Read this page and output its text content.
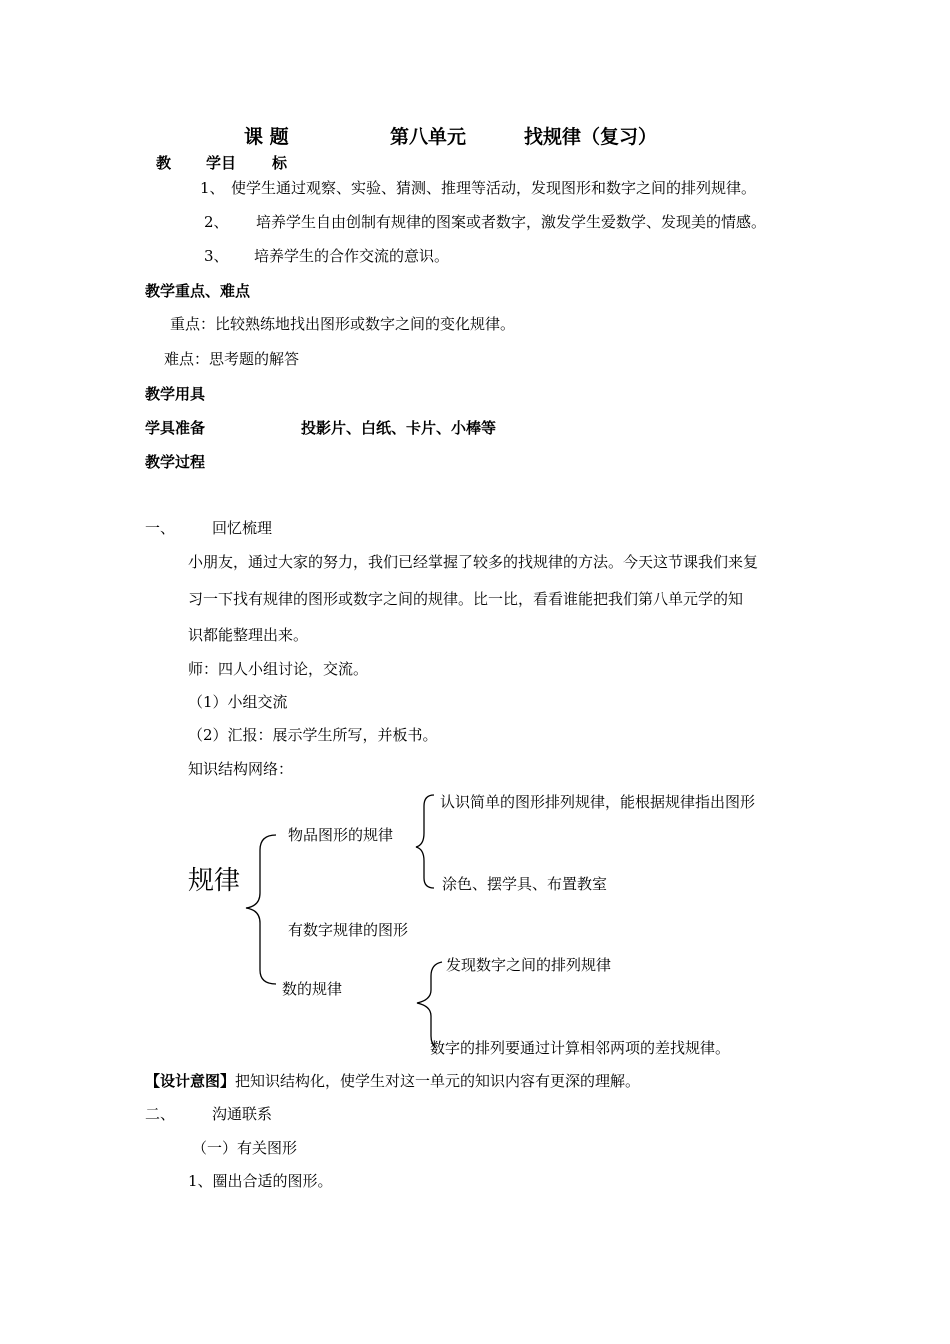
课 题	第八单元	找规律（复习）
教 学目 标
1、 使学生通过观察、实验、猜测、推理等活动，发现图形和数字之间的排列规律。
2、 培养学生自由创制有规律的图案或者数字，激发学生爱数学、发现美的情感。
3、 培养学生的合作交流的意识。
教学重点、难点
重点：比较熟练地找出图形或数字之间的变化规律。
难点：思考题的解答
教学用具
学具准备	投影片、白纸、卡片、小棒等
教学过程
一、 回忆梳理
小朋友，通过大家的努力，我们已经掌握了较多的找规律的方法。今天这节课我们来复
习一下找有规律的图形或数字之间的规律。比一比，看看谁能把我们第八单元学的知
识都能整理出来。
师：四人小组讨论，交流。
（1）小组交流
（2）汇报：展示学生所写，并板书。
知识结构网络：
规律
物品图形的规律
认识简单的图形排列规律，能根据规律指出图形
涂色、摆学具、布置教室
有数字规律的图形
数的规律
发现数字之间的排列规律
数字的排列要通过计算相邻两项的差找规律。
【设计意图】把知识结构化，使学生对这一单元的知识内容有更深的理解。
二、 沟通联系
（一）有关图形
1、圈出合适的图形。
